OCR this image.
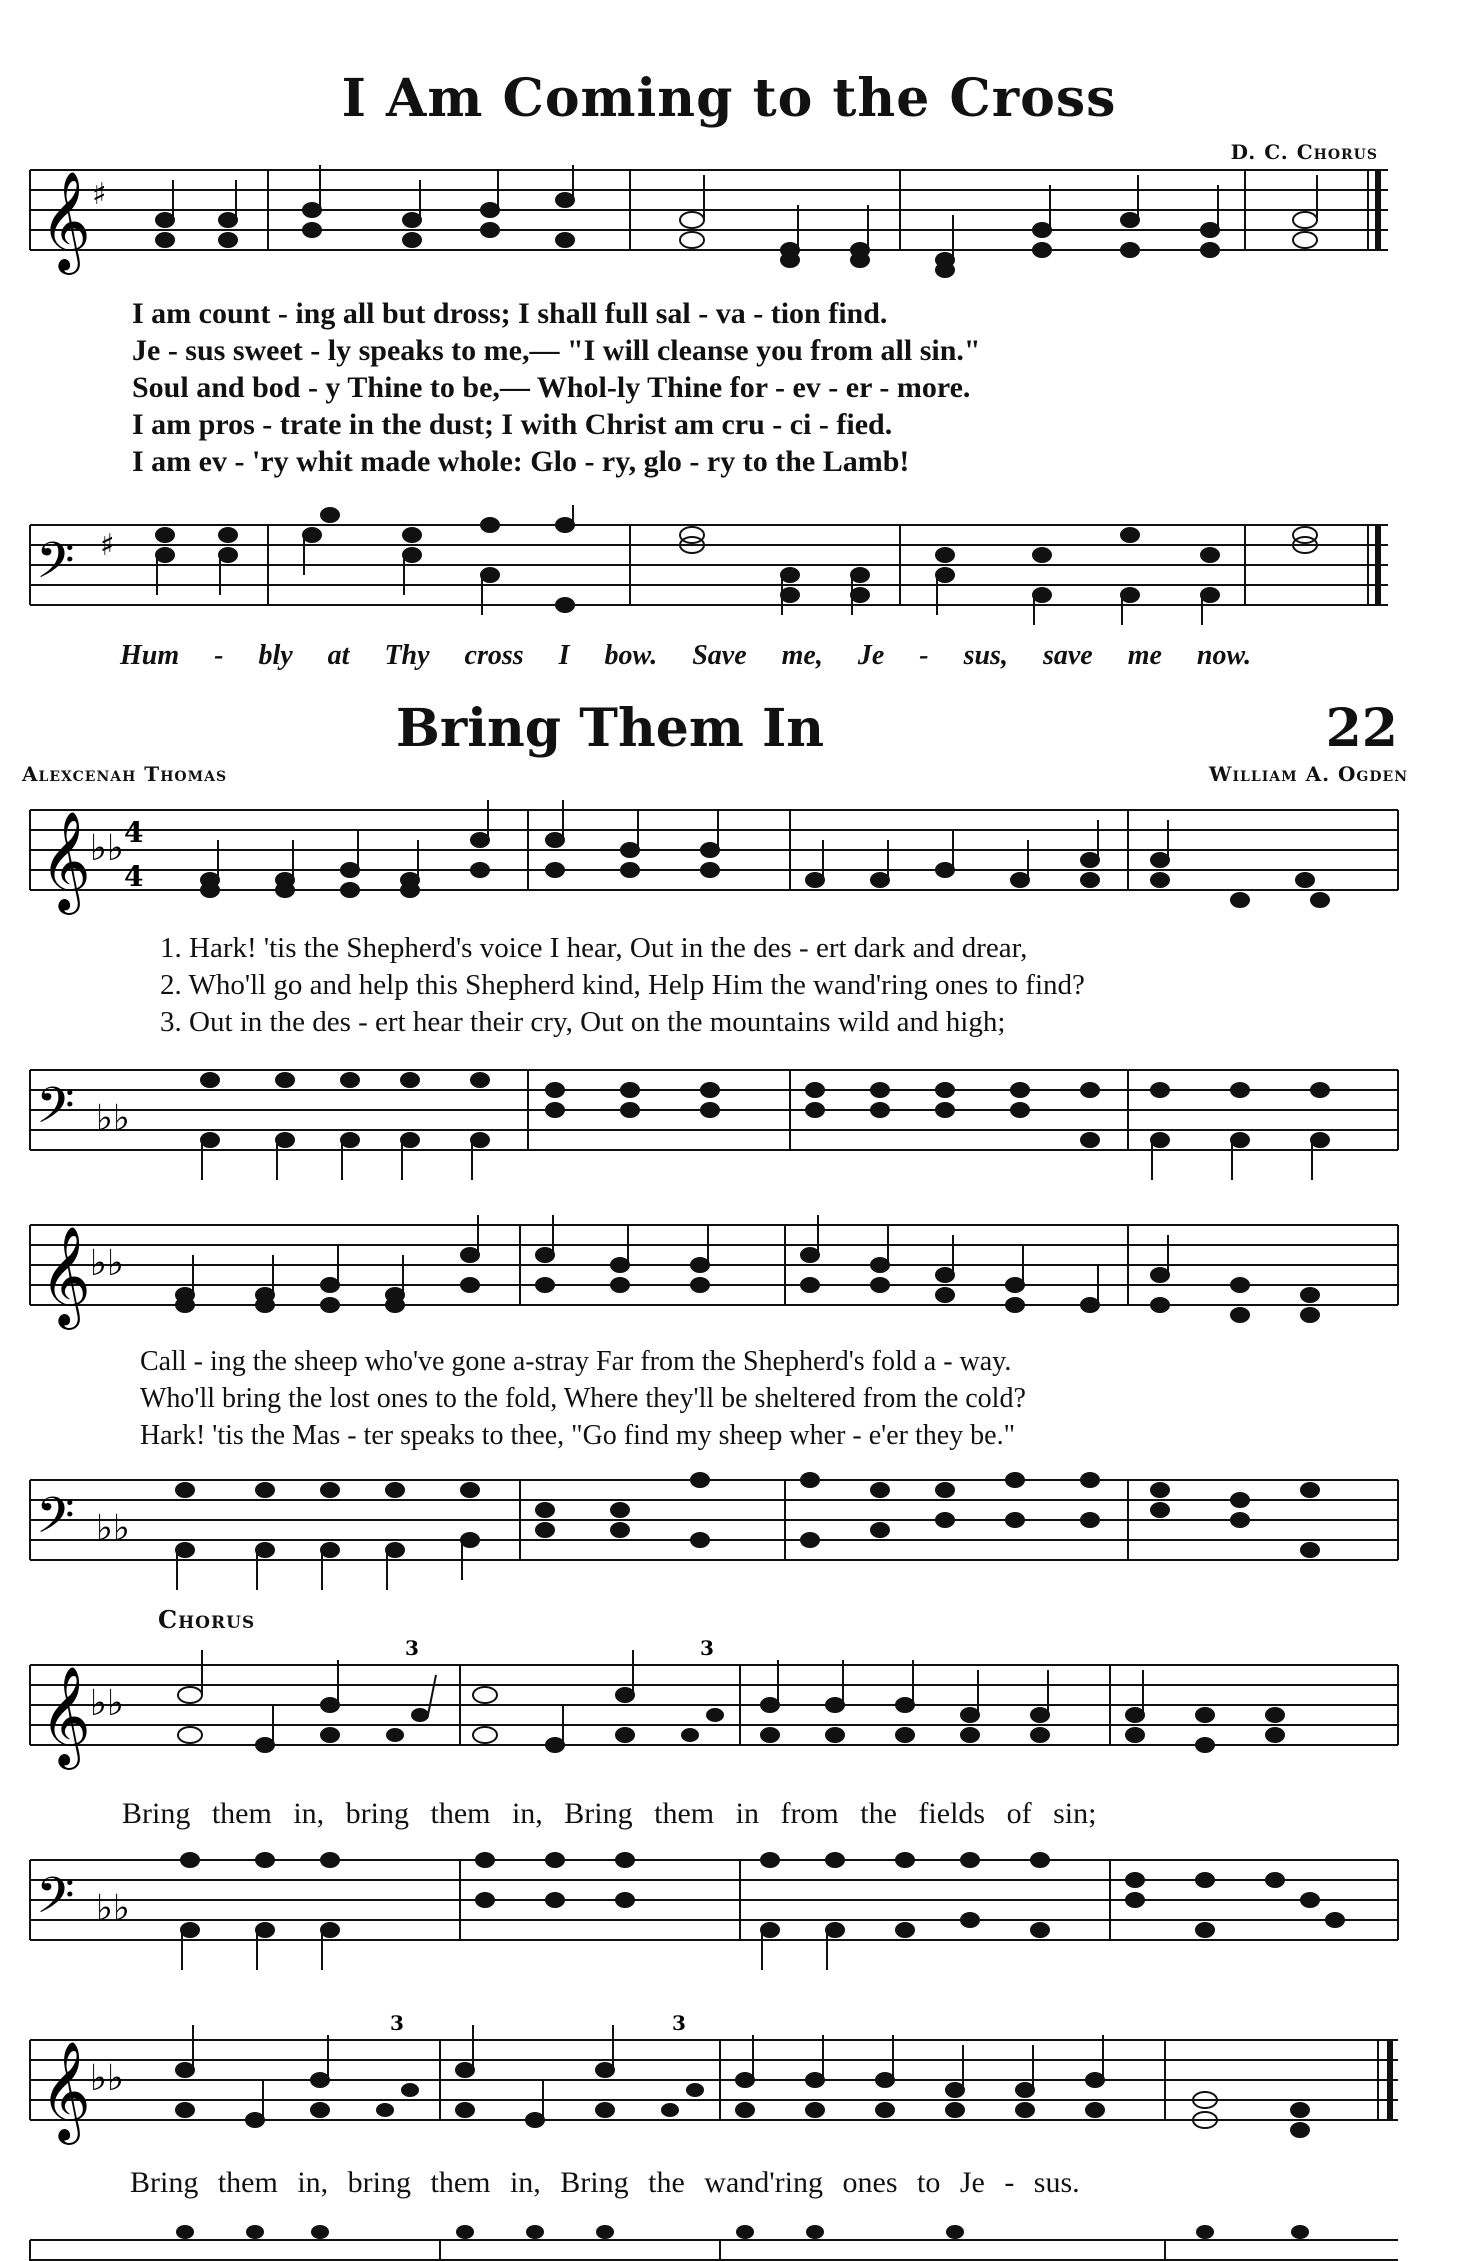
I Am Coming to the Cross
D. C. Chorus
𝄞 ♯
I am count - ing all but dross; I shall full sal - va - tion find.
Je - sus sweet - ly speaks to me,— "I will cleanse you from all sin."
Soul and bod - y Thine to be,— Whol-ly Thine for - ev - er - more.
I am pros - trate in the dust; I with Christ am cru - ci - fied.
I am ev - 'ry whit made whole: Glo - ry, glo - ry to the Lamb!
𝄢 ♯
Hum - bly at Thy cross I bow. Save me, Je - sus, save me now.
Bring Them In	22
Alexcenah Thomas	William A. Ogden
𝄞 ♭♭ 4
4
1. Hark! 'tis the Shepherd's voice I hear, Out in the des - ert dark and drear,
2. Who'll go and help this Shepherd kind, Help Him the wand'ring ones to find?
3. Out in the des - ert hear their cry, Out on the mountains wild and high;
𝄢 ♭♭
𝄞 ♭♭
Call - ing the sheep who've gone a-stray Far from the Shepherd's fold a - way.
Who'll bring the lost ones to the fold, Where they'll be sheltered from the cold?
Hark! 'tis the Mas - ter speaks to thee, "Go find my sheep wher - e'er they be."
𝄢 ♭♭
Chorus
𝄞 ♭♭
3	3
Bring them in, bring them in, Bring them in from the fields of sin;
𝄢 ♭♭
𝄞 ♭♭
3	3
Bring them in, bring them in, Bring the wand'ring ones to Je - sus.
